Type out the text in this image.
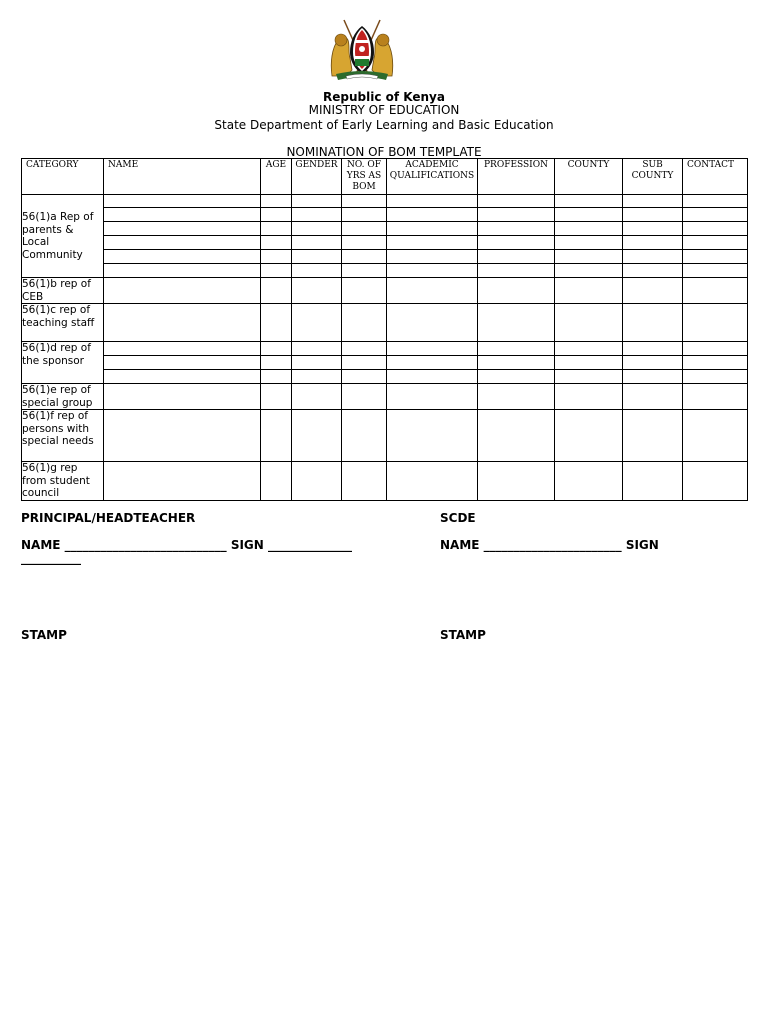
Republic of Kenya
MINISTRY OF EDUCATION
State Department of Early Learning and Basic Education
NOMINATION OF BOM TEMPLATE
CATEGORY	NAME	AGE	GENDER	NO. OF YRS AS BOM	ACADEMIC QUALIFICATIONS	PROFESSION	COUNTY	SUB COUNTY	CONTACT
56(1)a Rep of parents & Local Community									

56(1)b rep of CEB									
56(1)c rep of teaching staff									
56(1)d rep of the sponsor									

56(1)e rep of special group									
56(1)f rep of persons with special needs									
56(1)g rep from student council									
PRINCIPAL/HEADTEACHER
NAME ___________________________ SIGN ______________
__________
STAMP
SCDE
NAME _______________________ SIGN
STAMP
